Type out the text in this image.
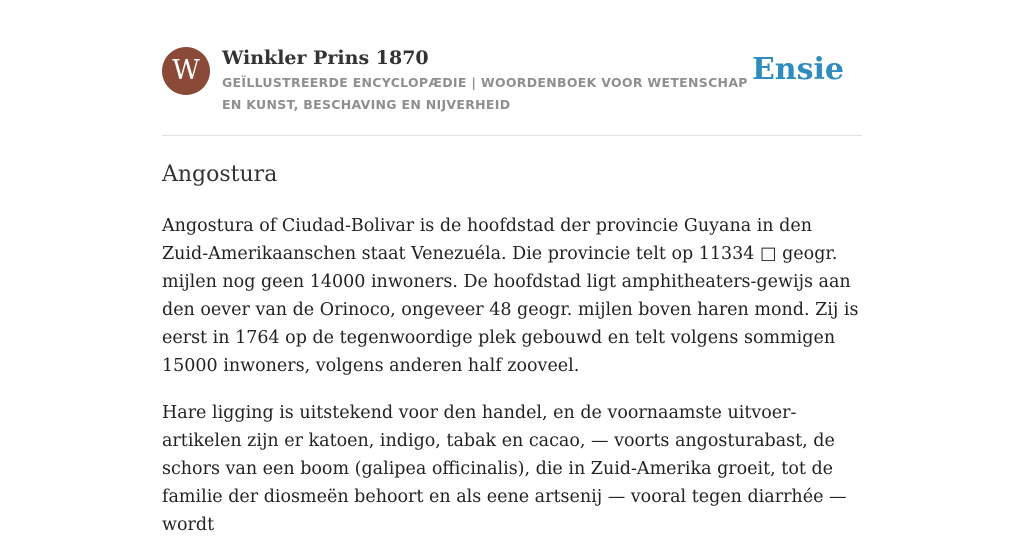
W	Winkler Prins 1870

GEÏLLUSTREERDE ENCYCLOPÆDIE | WOORDENBOEK VOOR WETENSCHAP EN KUNST, BESCHAVING EN NIJVERHEID

Ensie
Angostura

Angostura of Ciudad-Bolivar is de hoofdstad der provincie Guyana in den Zuid-Amerikaanschen staat Venezuéla. Die provincie telt op 11334 □ geogr. mijlen nog geen 14000 inwoners. De hoofdstad ligt amphitheaters-gewijs aan den oever van de Orinoco, ongeveer 48 geogr. mijlen boven haren mond. Zij is eerst in 1764 op de tegenwoordige plek gebouwd en telt volgens sommigen 15000 inwoners, volgens anderen half zooveel.

Hare ligging is uitstekend voor den handel, en de voornaamste uitvoer-artikelen zijn er katoen, indigo, tabak en cacao, — voorts angosturabast, de schors van een boom (galipea officinalis), die in Zuid-Amerika groeit, tot de familie der diosmeën behoort en als eene artsenij — vooral tegen diarrhée — wordt
